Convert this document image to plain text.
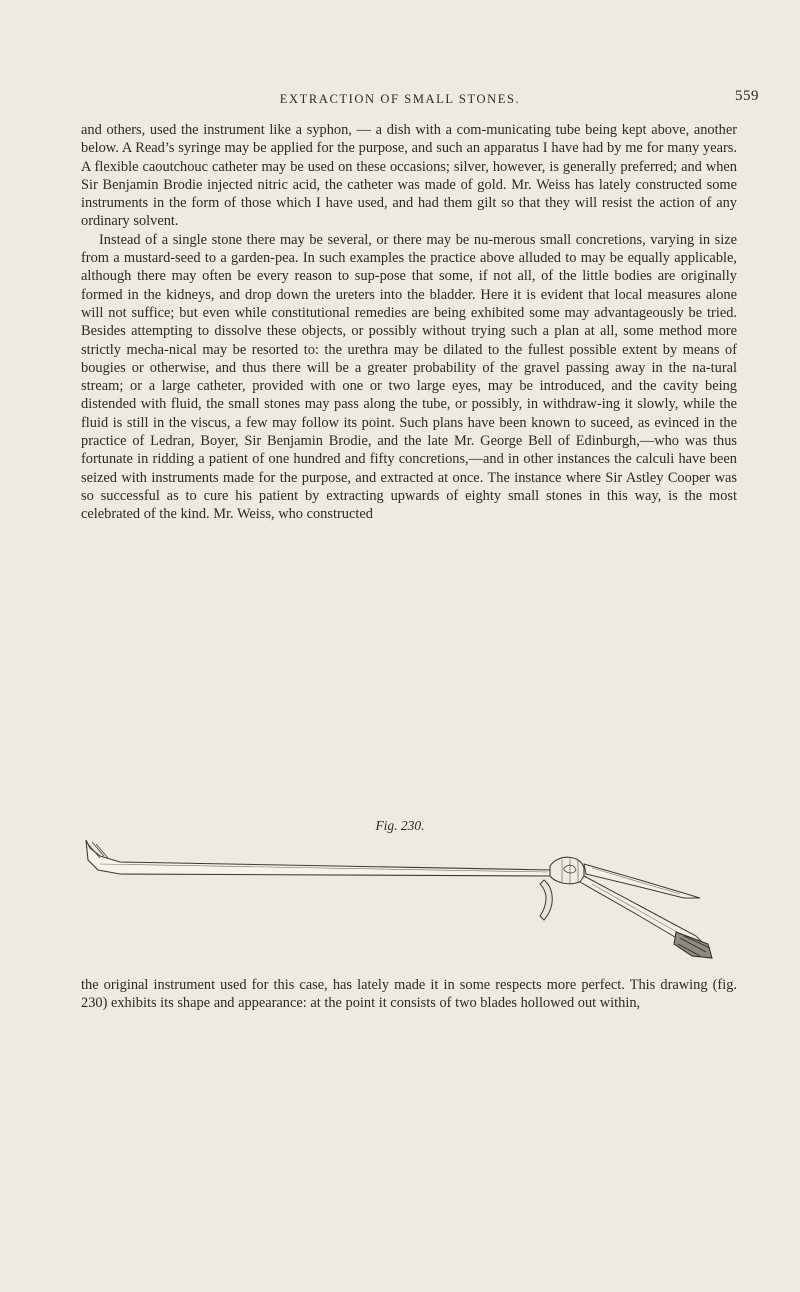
EXTRACTION OF SMALL STONES.	559

and others, used the instrument like a syphon, — a dish with a com-municating tube being kept above, another below. A Read’s syringe may be applied for the purpose, and such an apparatus I have had by me for many years. A flexible caoutchouc catheter may be used on these occasions; silver, however, is generally preferred; and when Sir Benjamin Brodie injected nitric acid, the catheter was made of gold. Mr. Weiss has lately constructed some instruments in the form of those which I have used, and had them gilt so that they will resist the action of any ordinary solvent.

Instead of a single stone there may be several, or there may be nu-merous small concretions, varying in size from a mustard-seed to a garden-pea. In such examples the practice above alluded to may be equally applicable, although there may often be every reason to sup-pose that some, if not all, of the little bodies are originally formed in the kidneys, and drop down the ureters into the bladder. Here it is evident that local measures alone will not suffice; but even while constitutional remedies are being exhibited some may advantageously be tried. Besides attempting to dissolve these objects, or possibly without trying such a plan at all, some method more strictly mecha-nical may be resorted to: the urethra may be dilated to the fullest possible extent by means of bougies or otherwise, and thus there will be a greater probability of the gravel passing away in the na-tural stream; or a large catheter, provided with one or two large eyes, may be introduced, and the cavity being distended with fluid, the small stones may pass along the tube, or possibly, in withdraw-ing it slowly, while the fluid is still in the viscus, a few may follow its point. Such plans have been known to suceed, as evinced in the practice of Ledran, Boyer, Sir Benjamin Brodie, and the late Mr. George Bell of Edinburgh,—who was thus fortunate in ridding a patient of one hundred and fifty concretions,—and in other instances the calculi have been seized with instruments made for the purpose, and extracted at once. The instance where Sir Astley Cooper was so successful as to cure his patient by extracting upwards of eighty small stones in this way, is the most celebrated of the kind. Mr. Weiss, who constructed

Fig. 230.

the original instrument used for this case, has lately made it in some respects more perfect. This drawing (fig. 230) exhibits its shape and appearance: at the point it consists of two blades hollowed out within,
